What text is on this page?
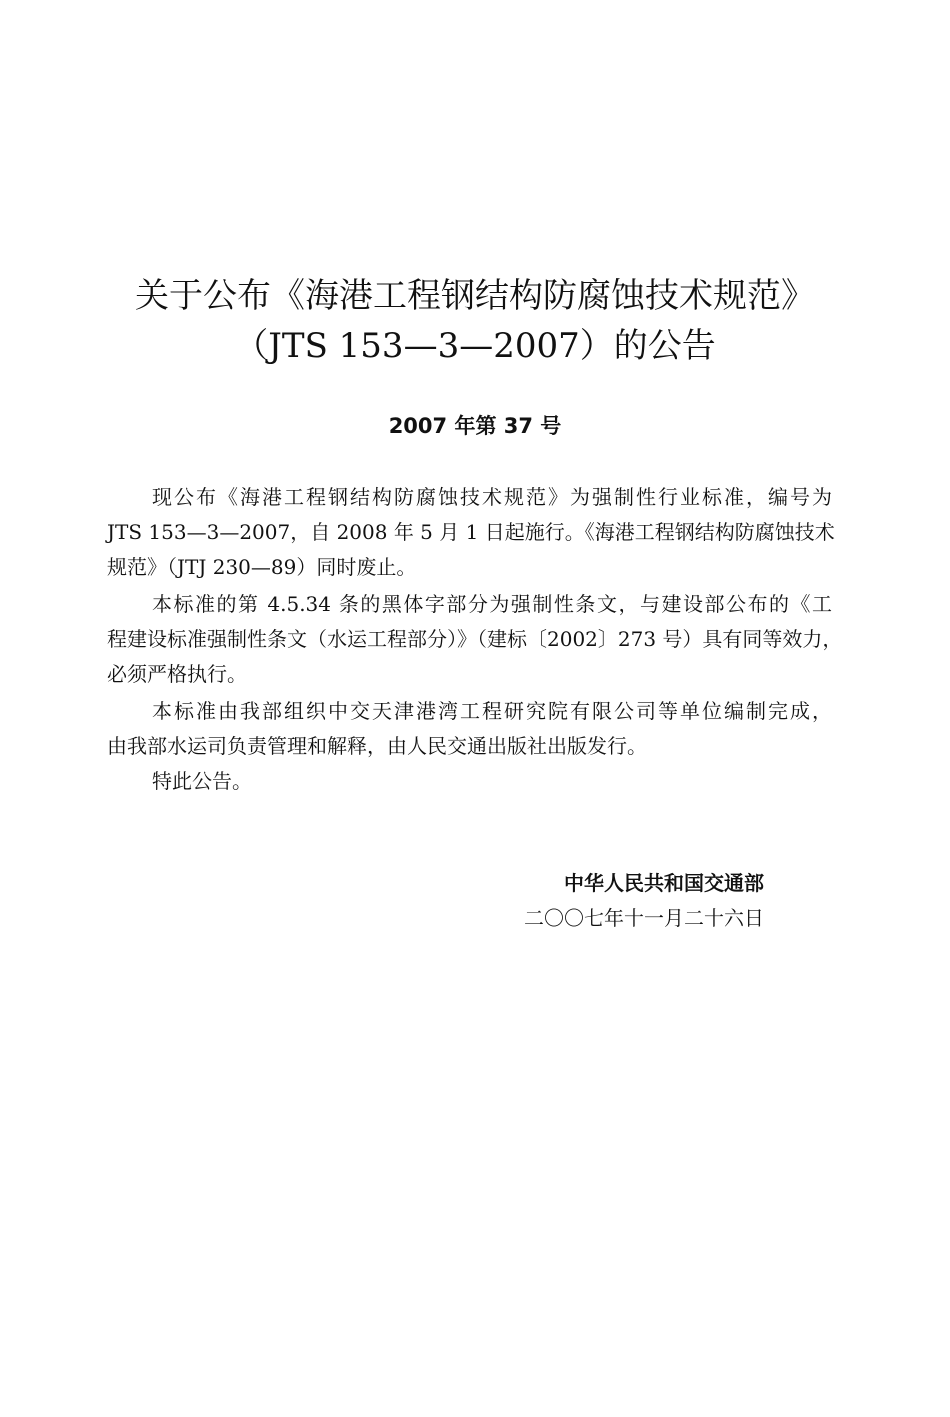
关于公布《海港工程钢结构防腐蚀技术规范》
（JTS 153—3—2007）的公告
2007 年第 37 号
现公布《海港工程钢结构防腐蚀技术规范》为强制性行业标准，编号为
JTS 153—3—2007，自 2008 年 5 月 1 日起施行。《海港工程钢结构防腐蚀技术
规范》（JTJ 230—89）同时废止。
本标准的第 4.5.34 条的黑体字部分为强制性条文，与建设部公布的《工
程建设标准强制性条文（水运工程部分）》（建标〔2002〕273 号）具有同等效力，
必须严格执行。
本标准由我部组织中交天津港湾工程研究院有限公司等单位编制完成，
由我部水运司负责管理和解释，由人民交通出版社出版发行。
特此公告。
中华人民共和国交通部
二〇〇七年十一月二十六日
